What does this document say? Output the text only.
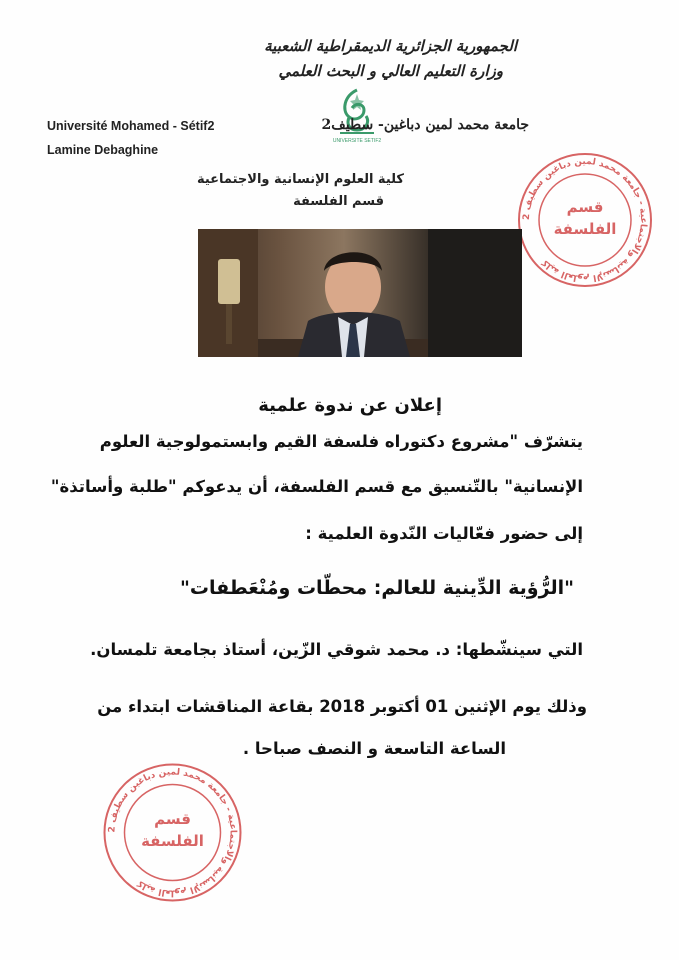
الجمهورية الجزائرية الديمقراطية الشعبية
وزارة التعليم العالي و البحث العلمي
UNIVERSITE SETIF2
Université Mohamed - Sétif2
Lamine Debaghine
جامعة محمد لمين دباغين- سطيف2
كلية العلوم الإنسانية والاجتماعية
قسم الفلسفة
كلية العلوم الإنسانية والاجتماعية - جامعة محمد لمين دباغين سطيف 2
قسم
الفلسفة
إعلان عن ندوة علمية
يتشرّف "مشروع دكتوراه فلسفة القيم وابستمولوجية العلوم
الإنسانية" بالتّنسيق مع قسم الفلسفة، أن يدعوكم "طلبة وأساتذة"
إلى حضور فعّاليات النّدوة العلمية :
"الرُّؤية الدِّينية للعالم: محطّات ومُنْعَطفات"
التي سينشّطها: د. محمد شوقي الزّين، أستاذ بجامعة تلمسان.
وذلك يوم الإثنين 01 أكتوبر 2018 بقاعة المناقشات ابتداء من
الساعة التاسعة و النصف صباحا .
كلية العلوم الإنسانية والاجتماعية - جامعة محمد لمين دباغين سطيف 2
قسم
الفلسفة
